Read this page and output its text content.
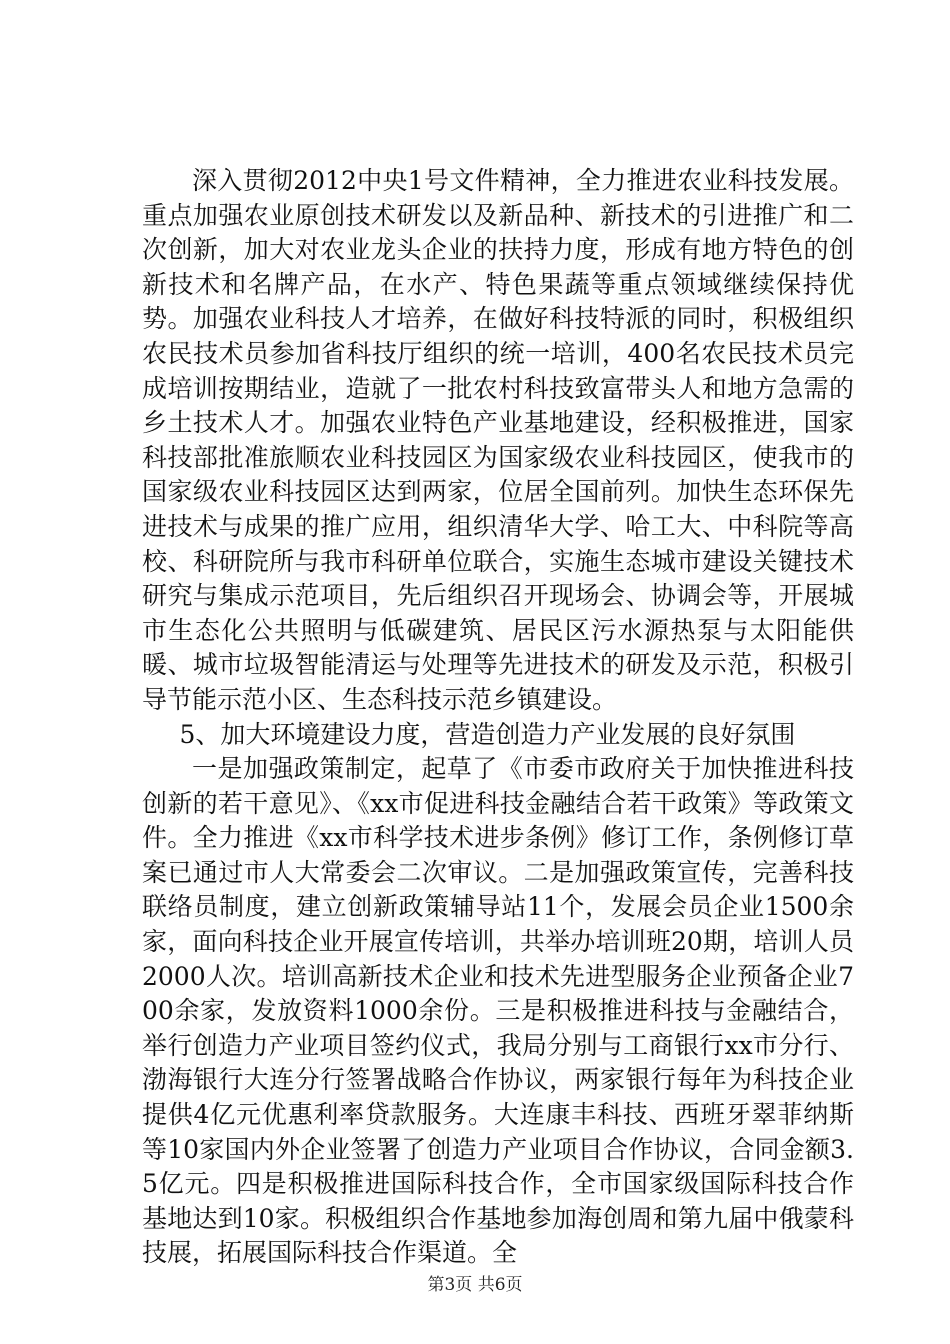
深入贯彻2012中央1号文件精神，全力推进农业科技发展。重点加强农业原创技术研发以及新品种、新技术的引进推广和二次创新，加大对农业龙头企业的扶持力度，形成有地方特色的创新技术和名牌产品，在水产、特色果蔬等重点领域继续保持优势。加强农业科技人才培养，在做好科技特派的同时，积极组织农民技术员参加省科技厅组织的统一培训，400名农民技术员完成培训按期结业，造就了一批农村科技致富带头人和地方急需的乡土技术人才。加强农业特色产业基地建设，经积极推进，国家科技部批准旅顺农业科技园区为国家级农业科技园区，使我市的国家级农业科技园区达到两家，位居全国前列。加快生态环保先进技术与成果的推广应用，组织清华大学、哈工大、中科院等高校、科研院所与我市科研单位联合，实施生态城市建设关键技术研究与集成示范项目，先后组织召开现场会、协调会等，开展城市生态化公共照明与低碳建筑、居民区污水源热泵与太阳能供暖、城市垃圾智能清运与处理等先进技术的研发及示范，积极引导节能示范小区、生态科技示范乡镇建设。

5、加大环境建设力度，营造创造力产业发展的良好氛围

一是加强政策制定，起草了《市委市政府关于加快推进科技创新的若干意见》、《xx市促进科技金融结合若干政策》等政策文件。全力推进《xx市科学技术进步条例》修订工作，条例修订草案已通过市人大常委会二次审议。二是加强政策宣传，完善科技联络员制度，建立创新政策辅导站11个，发展会员企业1500余家，面向科技企业开展宣传培训，共举办培训班20期，培训人员2000人次。培训高新技术企业和技术先进型服务企业预备企业700余家，发放资料1000余份。三是积极推进科技与金融结合，举行创造力产业项目签约仪式，我局分别与工商银行xx市分行、渤海银行大连分行签署战略合作协议，两家银行每年为科技企业提供4亿元优惠利率贷款服务。大连康丰科技、西班牙翠菲纳斯等10家国内外企业签署了创造力产业项目合作协议，合同金额3.5亿元。四是积极推进国际科技合作，全市国家级国际科技合作基地达到10家。积极组织合作基地参加海创周和第九届中俄蒙科技展，拓展国际科技合作渠道。全

第3页 共6页
